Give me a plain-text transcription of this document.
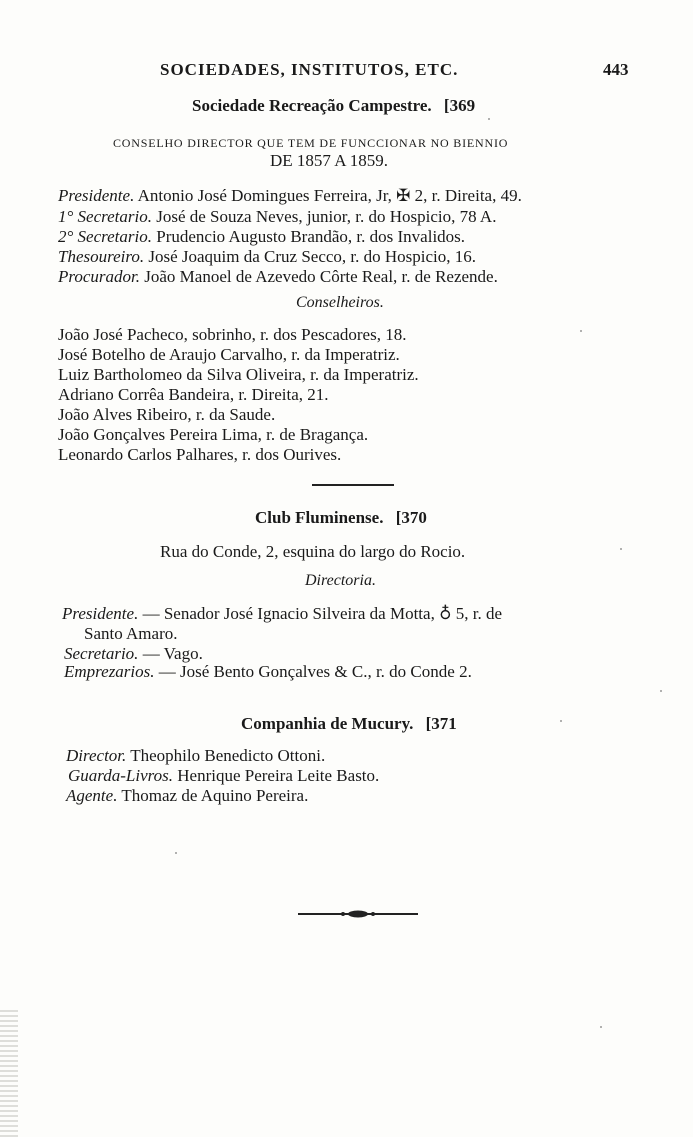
SOCIEDADES, INSTITUTOS, ETC.	443
Sociedade Recreação Campestre. [369
CONSELHO DIRECTOR QUE TEM DE FUNCCIONAR NO BIENNIO
DE 1857 A 1859.
Presidente. Antonio José Domingues Ferreira, Jr, ✠ 2, r. Direita, 49.
1° Secretario. José de Souza Neves, junior, r. do Hospicio, 78 A.
2° Secretario. Prudencio Augusto Brandão, r. dos Invalidos.
Thesoureiro. José Joaquim da Cruz Secco, r. do Hospicio, 16.
Procurador. João Manoel de Azevedo Côrte Real, r. de Rezende.
Conselheiros.
João José Pacheco, sobrinho, r. dos Pescadores, 18.
José Botelho de Araujo Carvalho, r. da Imperatriz.
Luiz Bartholomeo da Silva Oliveira, r. da Imperatriz.
Adriano Corrêa Bandeira, r. Direita, 21.
João Alves Ribeiro, r. da Saude.
João Gonçalves Pereira Lima, r. de Bragança.
Leonardo Carlos Palhares, r. dos Ourives.
Club Fluminense. [370
Rua do Conde, 2, esquina do largo do Rocio.
Directoria.
Presidente. — Senador José Ignacio Silveira da Motta, ♁ 5, r. de
Santo Amaro.
Secretario. — Vago.
Emprezarios. — José Bento Gonçalves & C., r. do Conde 2.
Companhia de Mucury. [371
Director. Theophilo Benedicto Ottoni.
Guarda-Livros. Henrique Pereira Leite Basto.
Agente. Thomaz de Aquino Pereira.
